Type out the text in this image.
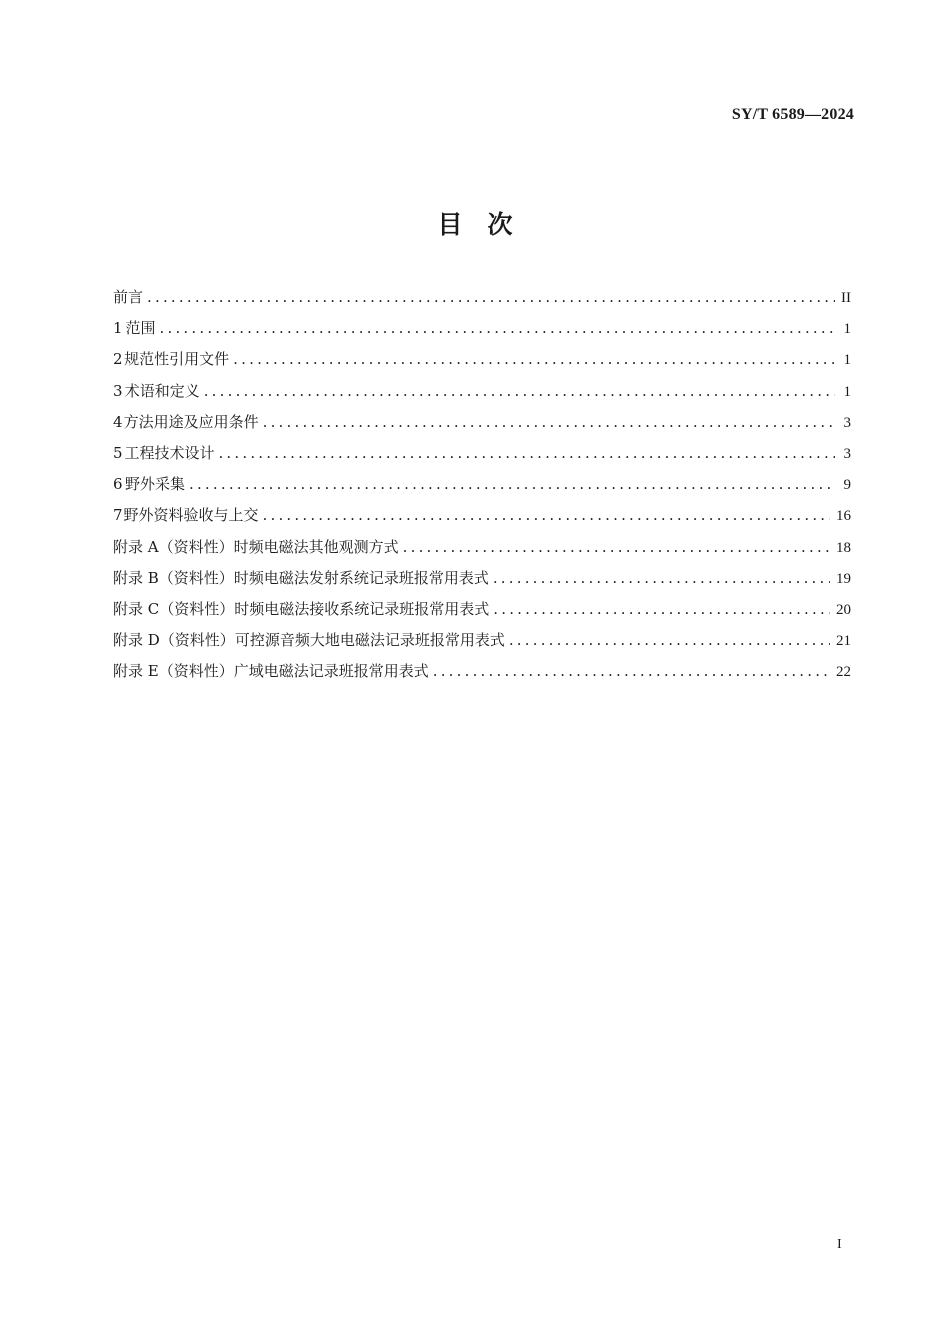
SY/T 6589—2024
目　次
前言 .....	II
1 范围 .....	1
2 规范性引用文件 .....	1
3 术语和定义 .....	1
4 方法用途及应用条件 .....	3
5 工程技术设计 .....	3
6 野外采集 .....	9
7 野外资料验收与上交 .....	16
附录 A （资料性） 时频电磁法其他观测方式 .....	18
附录 B （资料性） 时频电磁法发射系统记录班报常用表式 .....	19
附录 C （资料性） 时频电磁法接收系统记录班报常用表式 .....	20
附录 D （资料性） 可控源音频大地电磁法记录班报常用表式 .....	21
附录 E （资料性） 广域电磁法记录班报常用表式 .....	22
I
